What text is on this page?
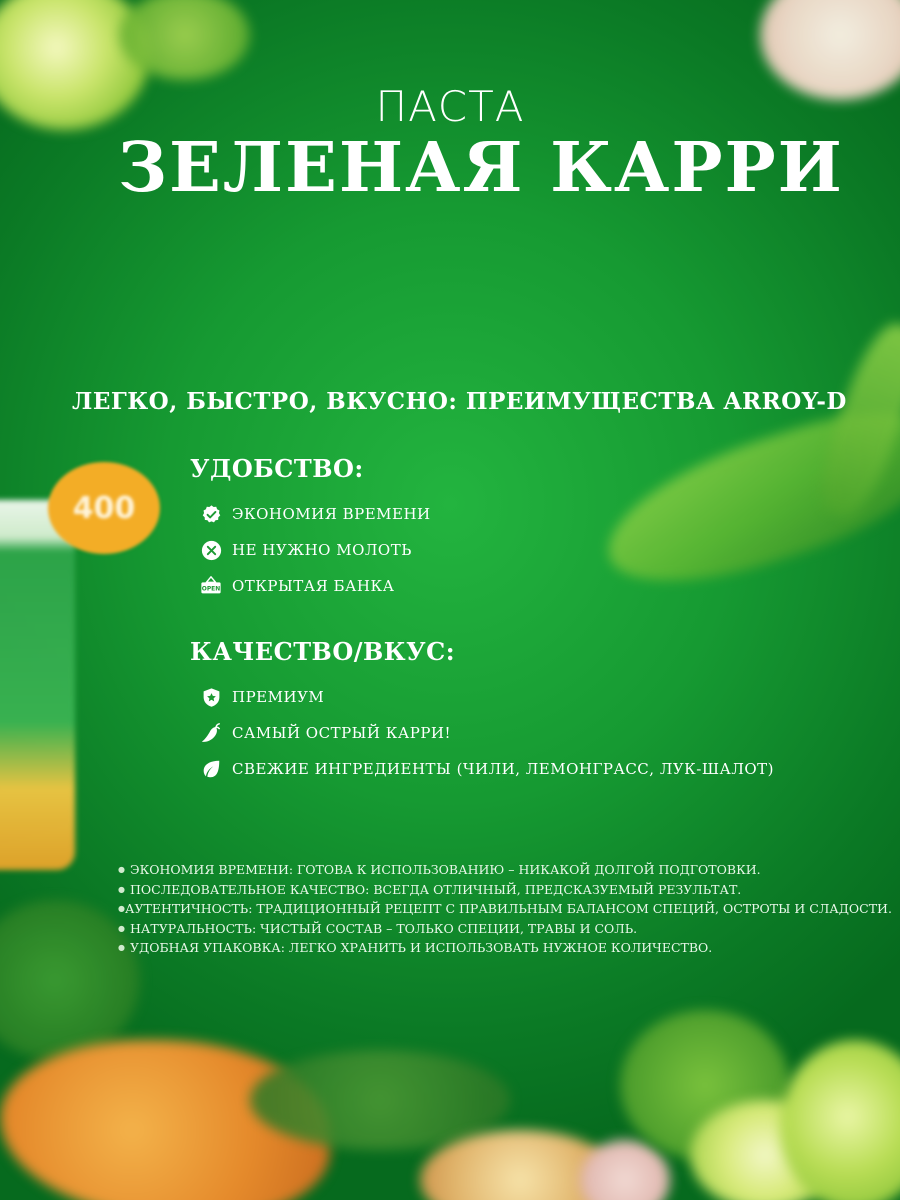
400
ПАСТА
ЗЕЛЕНАЯ КАРРИ
ЛЕГКО, БЫСТРО, ВКУСНО: ПРЕИМУЩЕСТВА ARROY-D
УДОБСТВО:
ЭКОНОМИЯ ВРЕМЕНИ
НЕ НУЖНО МОЛОТЬ
OPEN ОТКРЫТАЯ БАНКА
КАЧЕСТВО/ВКУС:
ПРЕМИУМ
САМЫЙ ОСТРЫЙ КАРРИ!
СВЕЖИЕ ИНГРЕДИЕНТЫ (ЧИЛИ, ЛЕМОНГРАСС, ЛУК-ШАЛОТ)
● ЭКОНОМИЯ ВРЕМЕНИ: ГОТОВА К ИСПОЛЬЗОВАНИЮ – НИКАКОЙ ДОЛГОЙ ПОДГОТОВКИ.
● ПОСЛЕДОВАТЕЛЬНОЕ КАЧЕСТВО: ВСЕГДА ОТЛИЧНЫЙ, ПРЕДСКАЗУЕМЫЙ РЕЗУЛЬТАТ.
● АУТЕНТИЧНОСТЬ: ТРАДИЦИОННЫЙ РЕЦЕПТ С ПРАВИЛЬНЫМ БАЛАНСОМ СПЕЦИЙ, ОСТРОТЫ И СЛАДОСТИ.
● НАТУРАЛЬНОСТЬ: ЧИСТЫЙ СОСТАВ – ТОЛЬКО СПЕЦИИ, ТРАВЫ И СОЛЬ.
● УДОБНАЯ УПАКОВКА: ЛЕГКО ХРАНИТЬ И ИСПОЛЬЗОВАТЬ НУЖНОЕ КОЛИЧЕСТВО.
